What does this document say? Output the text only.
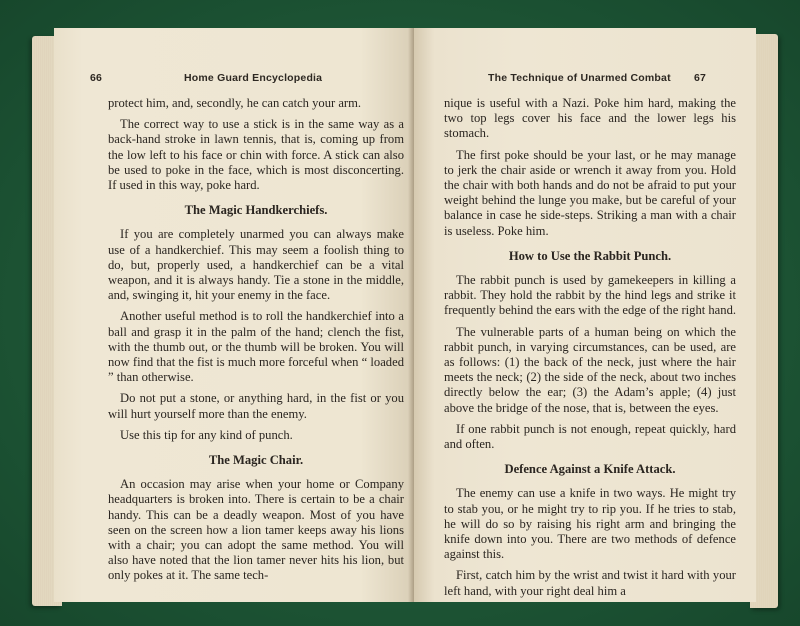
66	Home Guard Encyclopedia

protect him, and, secondly, he can catch your arm.

The correct way to use a stick is in the same way as a back-hand stroke in lawn tennis, that is, coming up from the low left to his face or chin with force. A stick can also be used to poke in the face, which is most disconcerting. If used in this way, poke hard.

The Magic Handkerchiefs.

If you are completely unarmed you can always make use of a handkerchief. This may seem a foolish thing to do, but, properly used, a handkerchief can be a vital weapon, and it is always handy. Tie a stone in the middle, and, swinging it, hit your enemy in the face.

Another useful method is to roll the handkerchief into a ball and grasp it in the palm of the hand; clench the fist, with the thumb out, or the thumb will be broken. You will now find that the fist is much more forceful when “ loaded ” than otherwise.

Do not put a stone, or anything hard, in the fist or you will hurt yourself more than the enemy.

Use this tip for any kind of punch.

The Magic Chair.

An occasion may arise when your home or Company headquarters is broken into. There is certain to be a chair handy. This can be a deadly weapon. Most of you have seen on the screen how a lion tamer keeps away his lions with a chair; you can adopt the same method. You will also have noted that the lion tamer never hits his lion, but only pokes at it. The same tech-

The Technique of Unarmed Combat 67

nique is useful with a Nazi. Poke him hard, making the two top legs cover his face and the lower legs his stomach.

The first poke should be your last, or he may manage to jerk the chair aside or wrench it away from you. Hold the chair with both hands and do not be afraid to put your weight behind the lunge you make, but be careful of your balance in case he side-steps. Striking a man with a chair is useless. Poke him.

How to Use the Rabbit Punch.

The rabbit punch is used by gamekeepers in killing a rabbit. They hold the rabbit by the hind legs and strike it frequently behind the ears with the edge of the right hand.

The vulnerable parts of a human being on which the rabbit punch, in varying circumstances, can be used, are as follows: (1) the back of the neck, just where the hair meets the neck; (2) the side of the neck, about two inches directly below the ear; (3) the Adam’s apple; (4) just above the bridge of the nose, that is, between the eyes.

If one rabbit punch is not enough, repeat quickly, hard and often.

Defence Against a Knife Attack.

The enemy can use a knife in two ways. He might try to stab you, or he might try to rip you. If he tries to stab, he will do so by raising his right arm and bringing the knife down into you. There are two methods of defence against this.

First, catch him by the wrist and twist it hard with your left hand, with your right deal him a
